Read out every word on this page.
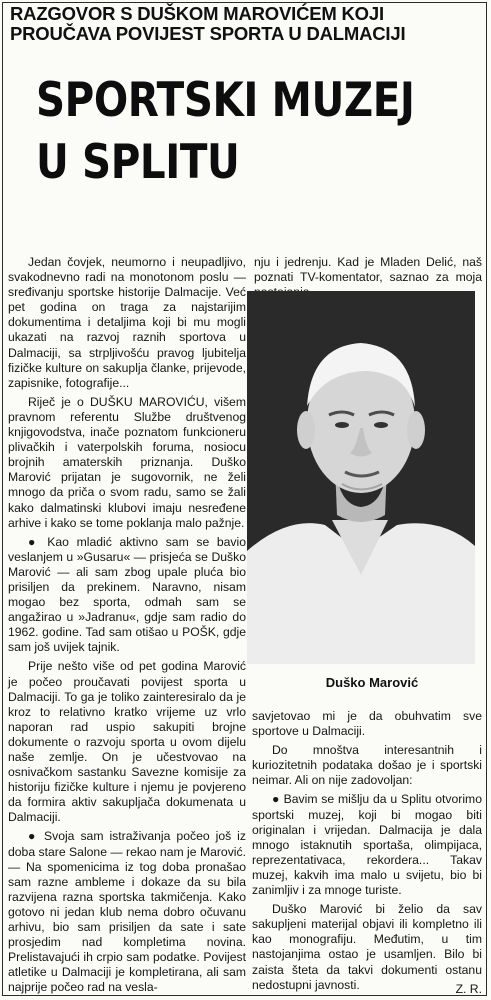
RAZGOVOR S DUŠKOM MAROVIĆEM KOJI
PROUČAVA POVIJEST SPORTA U DALMACIJI
SPORTSKI MUZEJ
U SPLITU

Jedan čovjek, neumorno i neupadljivo, svakodnevno radi na monotonom poslu — sređivanju sportske historije Dalmacije. Već pet godina on traga za najstarijim dokumentima i detaljima koji bi mu mogli ukazati na razvoj raznih sportova u Dalmaciji, sa strpljivošću pravog ljubitelja fizičke kulture on sakuplja članke, prijevode, zapisnike, fotografije...

Riječ je o DUŠKU MAROVIĆU, višem pravnom referentu Službe društvenog knjigovodstva, inače poznatom funkcioneru plivačkih i vaterpolskih foruma, nosiocu brojnih amaterskih priznanja. Duško Marović prijatan je sugovornik, ne želi mnogo da priča o svom radu, samo se žali kako dalmatinski klubovi imaju nesređene arhive i kako se tome poklanja malo pažnje.

● Kao mladić aktivno sam se bavio veslanjem u »Gusaru« — prisjeća se Duško Marović — ali sam zbog upale pluća bio prisiljen da prekinem. Naravno, nisam mogao bez sporta, odmah sam se angažirao u »Jadranu«, gdje sam radio do 1962. godine. Tad sam otišao u POŠK, gdje sam još uvijek tajnik.

Prije nešto više od pet godina Marović je počeo proučavati povijest sporta u Dalmaciji. To ga je toliko zainteresiralo da je kroz to relativno kratko vrijeme uz vrlo naporan rad uspio sakupiti brojne dokumente o razvoju sporta u ovom dijelu naše zemlje. On je učestvovao na osnivačkom sastanku Savezne komisije za historiju fizičke kulture i njemu je povjereno da formira aktiv sakupljača dokumenata u Dalmaciji.

● Svoja sam istraživanja počeo još iz doba stare Salone — rekao nam je Marović. — Na spomenicima iz tog doba pronašao sam razne ambleme i dokaze da su bila razvijena razna sportska takmičenja. Kako gotovo ni jedan klub nema dobro očuvanu arhivu, bio sam prisiljen da sate i sate prosjedim nad kompletima novina. Prelistavajući ih crpio sam podatke. Povijest atletike u Dalmaciji je kompletirana, ali sam najprije počeo rad na vesla-

nju i jedrenju. Kad je Mladen Delić, naš poznati TV-komentator, saznao za moja

Duško Marović

savjetovao mi je da obuhvatim sve sportove u Dalmaciji.

Do mnoštva interesantnih i kuriozitetnih podataka došao je i sportski neimar. Ali on nije zadovoljan:

● Bavim se mišlju da u Splitu otvorimo sportski muzej, koji bi mogao biti originalan i vrijedan. Dalmacija je dala mnogo istaknutih sportaša, olimpijaca, reprezentativaca, rekordera... Takav muzej, kakvih ima malo u svijetu, bio bi zanimljiv i za mnoge turiste.

Duško Marović bi želio da sav sakupljeni materijal objavi ili kompletno ili kao monografiju. Međutim, u tim nastojanjima ostao je usamljen. Bilo bi zaista šteta da takvi dokumenti ostanu nedostupni javnosti.	Z. R.
